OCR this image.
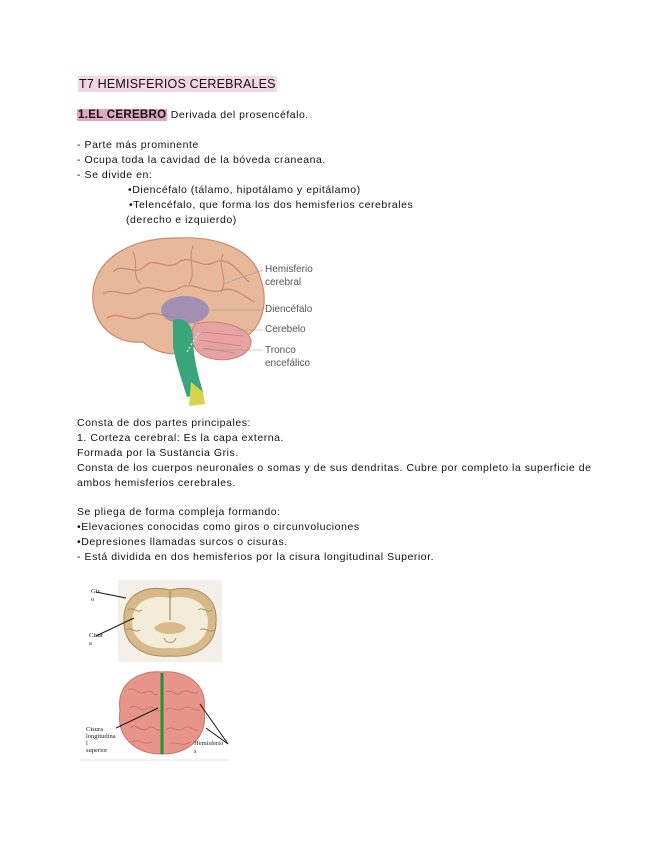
T7 HEMISFERIOS CEREBRALES
1.EL CEREBRO Derivada del prosencéfalo.
- Parte más prominente
- Ocupa toda la cavidad de la bóveda craneana.
- Se divide en:
•Diencéfalo (tálamo, hipotálamo y epitálamo)
•Telencéfalo, que forma los dos hemisferios cerebrales
(derecho e izquierdo)
Hemisferio
cerebral
Diencéfalo
Cerebelo
Tronco
encefálico
Consta de dos partes principales:
1. Corteza cerebral: Es la capa externa.
Formada por la Sustancia Gris.
Consta de los cuerpos neuronales o somas y de sus dendritas. Cubre por completo la superficie de
ambos hemisferios cerebrales.
Se pliega de forma compleja formando:
•Elevaciones conocidas como giros o circunvoluciones
•Depresiones llamadas surcos o cisuras.
- Está dividida en dos hemisferios por la cisura longitudinal Superior.
Gir
o
Cisur
a
Cisura
longitudina
l
superior
Hemisferio
s
